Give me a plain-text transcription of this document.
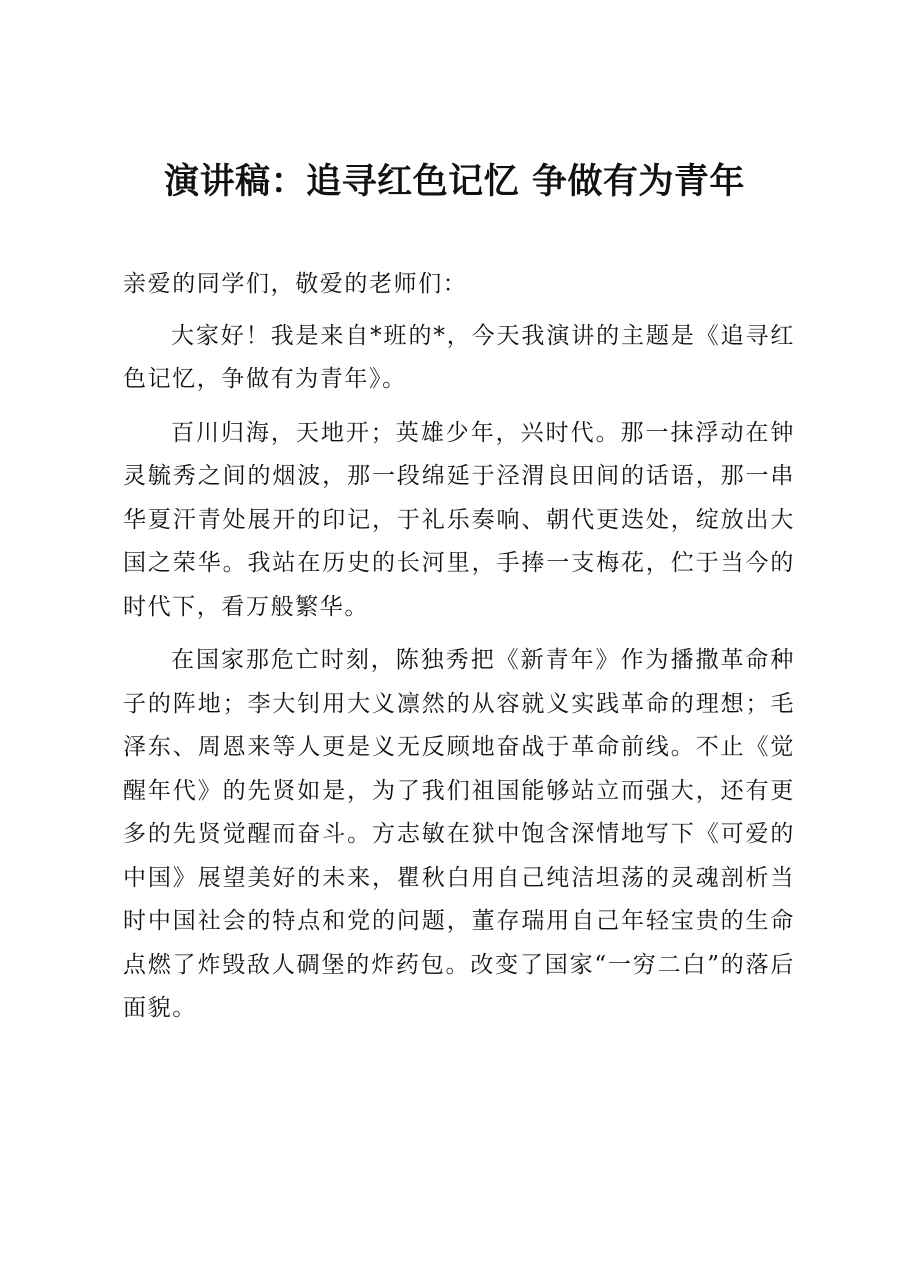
演讲稿：追寻红色记忆 争做有为青年

亲爱的同学们，敬爱的老师们：

大家好！我是来自*班的*，今天我演讲的主题是《追寻红色记忆，争做有为青年》。

百川归海，天地开；英雄少年，兴时代。那一抹浮动在钟灵毓秀之间的烟波，那一段绵延于泾渭良田间的话语，那一串华夏汗青处展开的印记，于礼乐奏响、朝代更迭处，绽放出大国之荣华。我站在历史的长河里，手捧一支梅花，伫于当今的时代下，看万般繁华。

在国家那危亡时刻，陈独秀把《新青年》作为播撒革命种子的阵地；李大钊用大义凛然的从容就义实践革命的理想；毛泽东、周恩来等人更是义无反顾地奋战于革命前线。不止《觉醒年代》的先贤如是，为了我们祖国能够站立而强大，还有更多的先贤觉醒而奋斗。方志敏在狱中饱含深情地写下《可爱的中国》展望美好的未来，瞿秋白用自己纯洁坦荡的灵魂剖析当时中国社会的特点和党的问题，董存瑞用自己年轻宝贵的生命点燃了炸毁敌人碉堡的炸药包。改变了国家“一穷二白”的落后面貌。
